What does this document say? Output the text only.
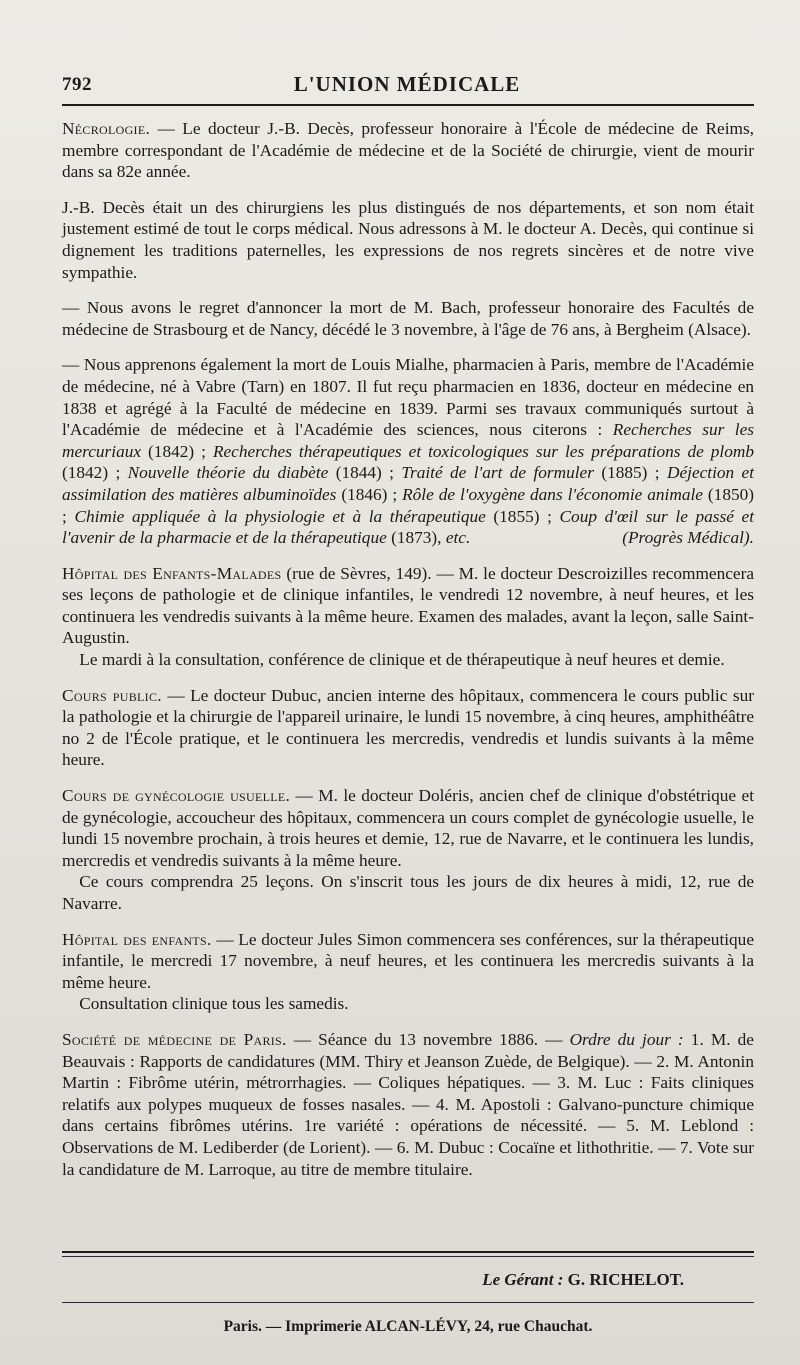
792	L'UNION MÉDICALE

Nécrologie. — Le docteur J.-B. Decès, professeur honoraire à l'École de médecine de Reims, membre correspondant de l'Académie de médecine et de la Société de chirurgie, vient de mourir dans sa 82e année.

J.-B. Decès était un des chirurgiens les plus distingués de nos départements, et son nom était justement estimé de tout le corps médical. Nous adressons à M. le docteur A. Decès, qui continue si dignement les traditions paternelles, les expressions de nos regrets sincères et de notre vive sympathie.

— Nous avons le regret d'annoncer la mort de M. Bach, professeur honoraire des Facultés de médecine de Strasbourg et de Nancy, décédé le 3 novembre, à l'âge de 76 ans, à Bergheim (Alsace).

— Nous apprenons également la mort de Louis Mialhe, pharmacien à Paris, membre de l'Académie de médecine, né à Vabre (Tarn) en 1807. Il fut reçu pharmacien en 1836, docteur en médecine en 1838 et agrégé à la Faculté de médecine en 1839. Parmi ses travaux communiqués surtout à l'Académie de médecine et à l'Académie des sciences, nous citerons : Recherches sur les mercuriaux (1842) ; Recherches thérapeutiques et toxicologiques sur les préparations de plomb (1842) ; Nouvelle théorie du diabète (1844) ; Traité de l'art de formuler (1885) ; Déjection et assimilation des matières albuminoïdes (1846) ; Rôle de l'oxygène dans l'économie animale (1850) ; Chimie appliquée à la physiologie et à la thérapeutique (1855) ; Coup d'œil sur le passé et l'avenir de la pharmacie et de la thérapeutique (1873), etc.	(Progrès Médical).

Hôpital des Enfants-Malades (rue de Sèvres, 149). — M. le docteur Descroizilles recommencera ses leçons de pathologie et de clinique infantiles, le vendredi 12 novembre, à neuf heures, et les continuera les vendredis suivants à la même heure. Examen des malades, avant la leçon, salle Saint-Augustin.

 Le mardi à la consultation, conférence de clinique et de thérapeutique à neuf heures et demie.

Cours public. — Le docteur Dubuc, ancien interne des hôpitaux, commencera le cours public sur la pathologie et la chirurgie de l'appareil urinaire, le lundi 15 novembre, à cinq heures, amphithéâtre no 2 de l'École pratique, et le continuera les mercredis, vendredis et lundis suivants à la même heure.

Cours de gynécologie usuelle. — M. le docteur Doléris, ancien chef de clinique d'obstétrique et de gynécologie, accoucheur des hôpitaux, commencera un cours complet de gynécologie usuelle, le lundi 15 novembre prochain, à trois heures et demie, 12, rue de Navarre, et le continuera les lundis, mercredis et vendredis suivants à la même heure.

 Ce cours comprendra 25 leçons. On s'inscrit tous les jours de dix heures à midi, 12, rue de Navarre.

Hôpital des enfants. — Le docteur Jules Simon commencera ses conférences, sur la thérapeutique infantile, le mercredi 17 novembre, à neuf heures, et les continuera les mercredis suivants à la même heure.

 Consultation clinique tous les samedis.

Société de médecine de Paris. — Séance du 13 novembre 1886. — Ordre du jour : 1. M. de Beauvais : Rapports de candidatures (MM. Thiry et Jeanson Zuède, de Belgique). — 2. M. Antonin Martin : Fibrôme utérin, métrorrhagies. — Coliques hépatiques. — 3. M. Luc : Faits cliniques relatifs aux polypes muqueux de fosses nasales. — 4. M. Apostoli : Galvano-puncture chimique dans certains fibrômes utérins. 1re variété : opérations de nécessité. — 5. M. Leblond : Observations de M. Lediberder (de Lorient). — 6. M. Dubuc : Cocaïne et lithothritie. — 7. Vote sur la candidature de M. Larroque, au titre de membre titulaire.

Le Gérant : G. RICHELOT.
Paris. — Imprimerie ALCAN-LÉVY, 24, rue Chauchat.
